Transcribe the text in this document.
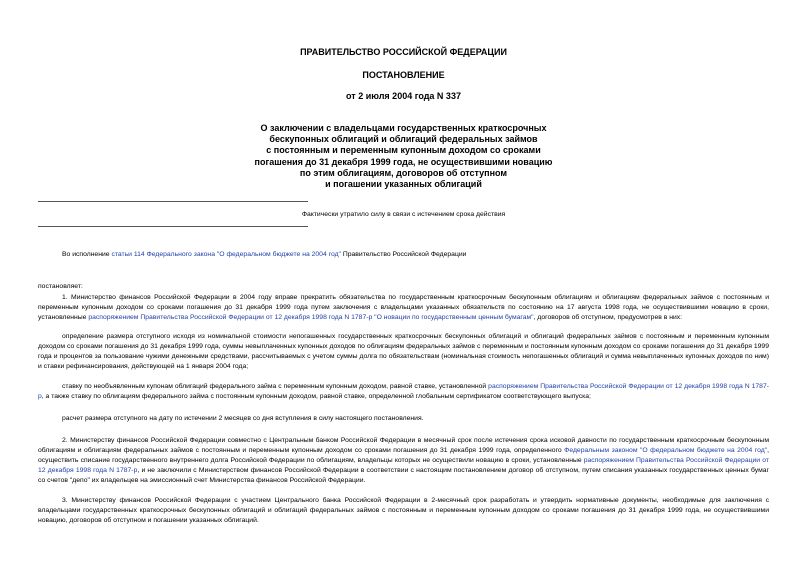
ПРАВИТЕЛЬСТВО РОССИЙСКОЙ ФЕДЕРАЦИИ
ПОСТАНОВЛЕНИЕ
от 2 июля 2004 года N 337
О заключении с владельцами государственных краткосрочных
бескупонных облигаций и облигаций федеральных займов
с постоянным и переменным купонным доходом со сроками
погашения до 31 декабря 1999 года, не осуществившими новацию
по этим облигациям, договоров об отступном
и погашении указанных облигаций
Фактически утратило силу в связи с истечением срока действия
Во исполнение статьи 114 Федерального закона "О федеральном бюджете на 2004 год" Правительство Российской Федерации
постановляет:
1. Министерство финансов Российской Федерации в 2004 году вправе прекратить обязательства по государственным краткосрочным бескупонным облигациям и облигациям федеральных займов с постоянным и переменным купонным доходом со сроками погашения до 31 декабря 1999 года путем заключения с владельцами указанных обязательств по состоянию на 17 августа 1998 года, не осуществившими новацию в сроки, установленные распоряжением Правительства Российской Федерации от 12 декабря 1998 года N 1787-р "О новации по государственным ценным бумагам", договоров об отступном, предусмотрев в них:
определение размера отступного исходя из номинальной стоимости непогашенных государственных краткосрочных бескупонных облигаций и облигаций федеральных займов с постоянным и переменным купонным доходом со сроками погашения до 31 декабря 1999 года, суммы невыплаченных купонных доходов по облигациям федеральных займов с переменным и постоянным купонным доходом со сроками погашения до 31 декабря 1999 года и процентов за пользование чужими денежными средствами, рассчитываемых с учетом суммы долга по обязательствам (номинальная стоимость непогашенных облигаций и сумма невыплаченных купонных доходов по ним) и ставки рефинансирования, действующей на 1 января 2004 года;
ставку по необъявленным купонам облигаций федерального займа с переменным купонным доходом, равной ставке, установленной распоряжением Правительства Российской Федерации от 12 декабря 1998 года N 1787-р, а также ставку по облигациям федерального займа с постоянным купонным доходом, равной ставке, определенной глобальным сертификатом соответствующего выпуска;
расчет размера отступного на дату по истечении 2 месяцев со дня вступления в силу настоящего постановления.
2. Министерству финансов Российской Федерации совместно с Центральным банком Российской Федерации в месячный срок после истечения срока исковой давности по государственным краткосрочным бескупонным облигациям и облигациям федеральных займов с постоянным и переменным купонным доходом со сроками погашения до 31 декабря 1999 года, определенного Федеральным законом "О федеральном бюджете на 2004 год", осуществить списание государственного внутреннего долга Российской Федерации по облигациям, владельцы которых не осуществили новацию в сроки, установленные распоряжением Правительства Российской Федерации от 12 декабря 1998 года N 1787-р, и не заключили с Министерством финансов Российской Федерации в соответствии с настоящим постановлением договор об отступном, путем списания указанных государственных ценных бумаг со счетов "депо" их владельцев на эмиссионный счет Министерства финансов Российской Федерации.
3. Министерству финансов Российской Федерации с участием Центрального банка Российской Федерации в 2-месячный срок разработать и утвердить нормативные документы, необходимые для заключения с владельцами государственных краткосрочных бескупонных облигаций и облигаций федеральных займов с постоянным и переменным купонным доходом со сроками погашения до 31 декабря 1999 года, не осуществившими новацию, договоров об отступном и погашении указанных облигаций.
